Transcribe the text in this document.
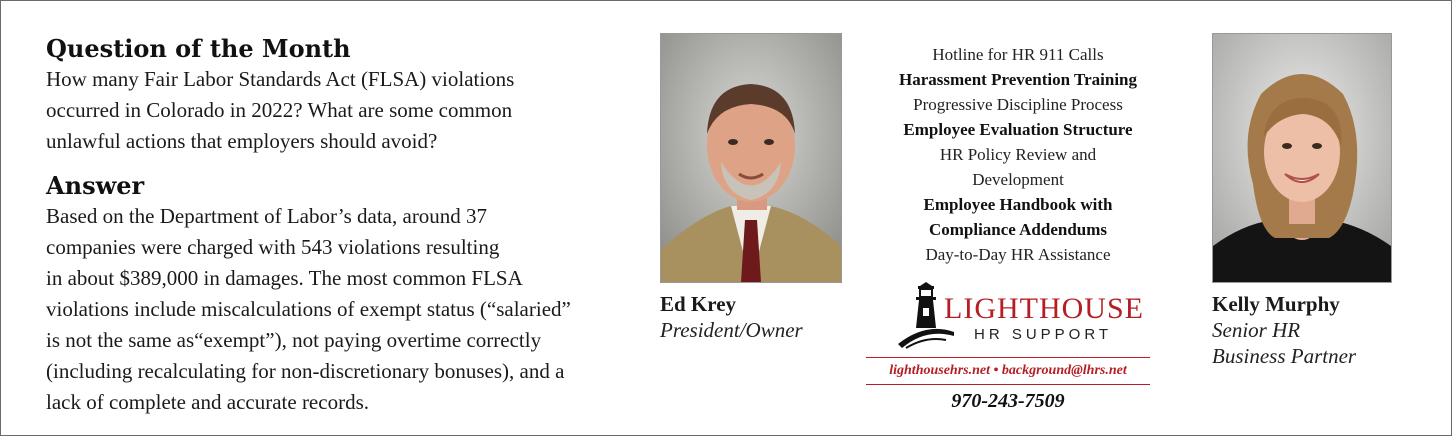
Question of the Month

How many Fair Labor Standards Act (FLSA) violations
occurred in Colorado in 2022? What are some common
unlawful actions that employers should avoid?

Answer

Based on the Department of Labor’s data, around 37
companies were charged with 543 violations resulting
in about $389,000 in damages. The most common FLSA
violations include miscalculations of exempt status (“salaried”
is not the same as“exempt”), not paying overtime correctly
(including recalculating for non-discretionary bonuses), and a
lack of complete and accurate records.

Ed Krey
President/Owner
Hotline for HR 911 Calls
Harassment Prevention Training
Progressive Discipline Process
Employee Evaluation Structure
HR Policy Review and
Development
Employee Handbook with
Compliance Addendums
Day-to-Day HR Assistance
LIGHTHOUSE
HR SUPPORT
lighthousehrs.net • background@lhrs.net
970-243-7509
Kelly Murphy
Senior HR
Business Partner
